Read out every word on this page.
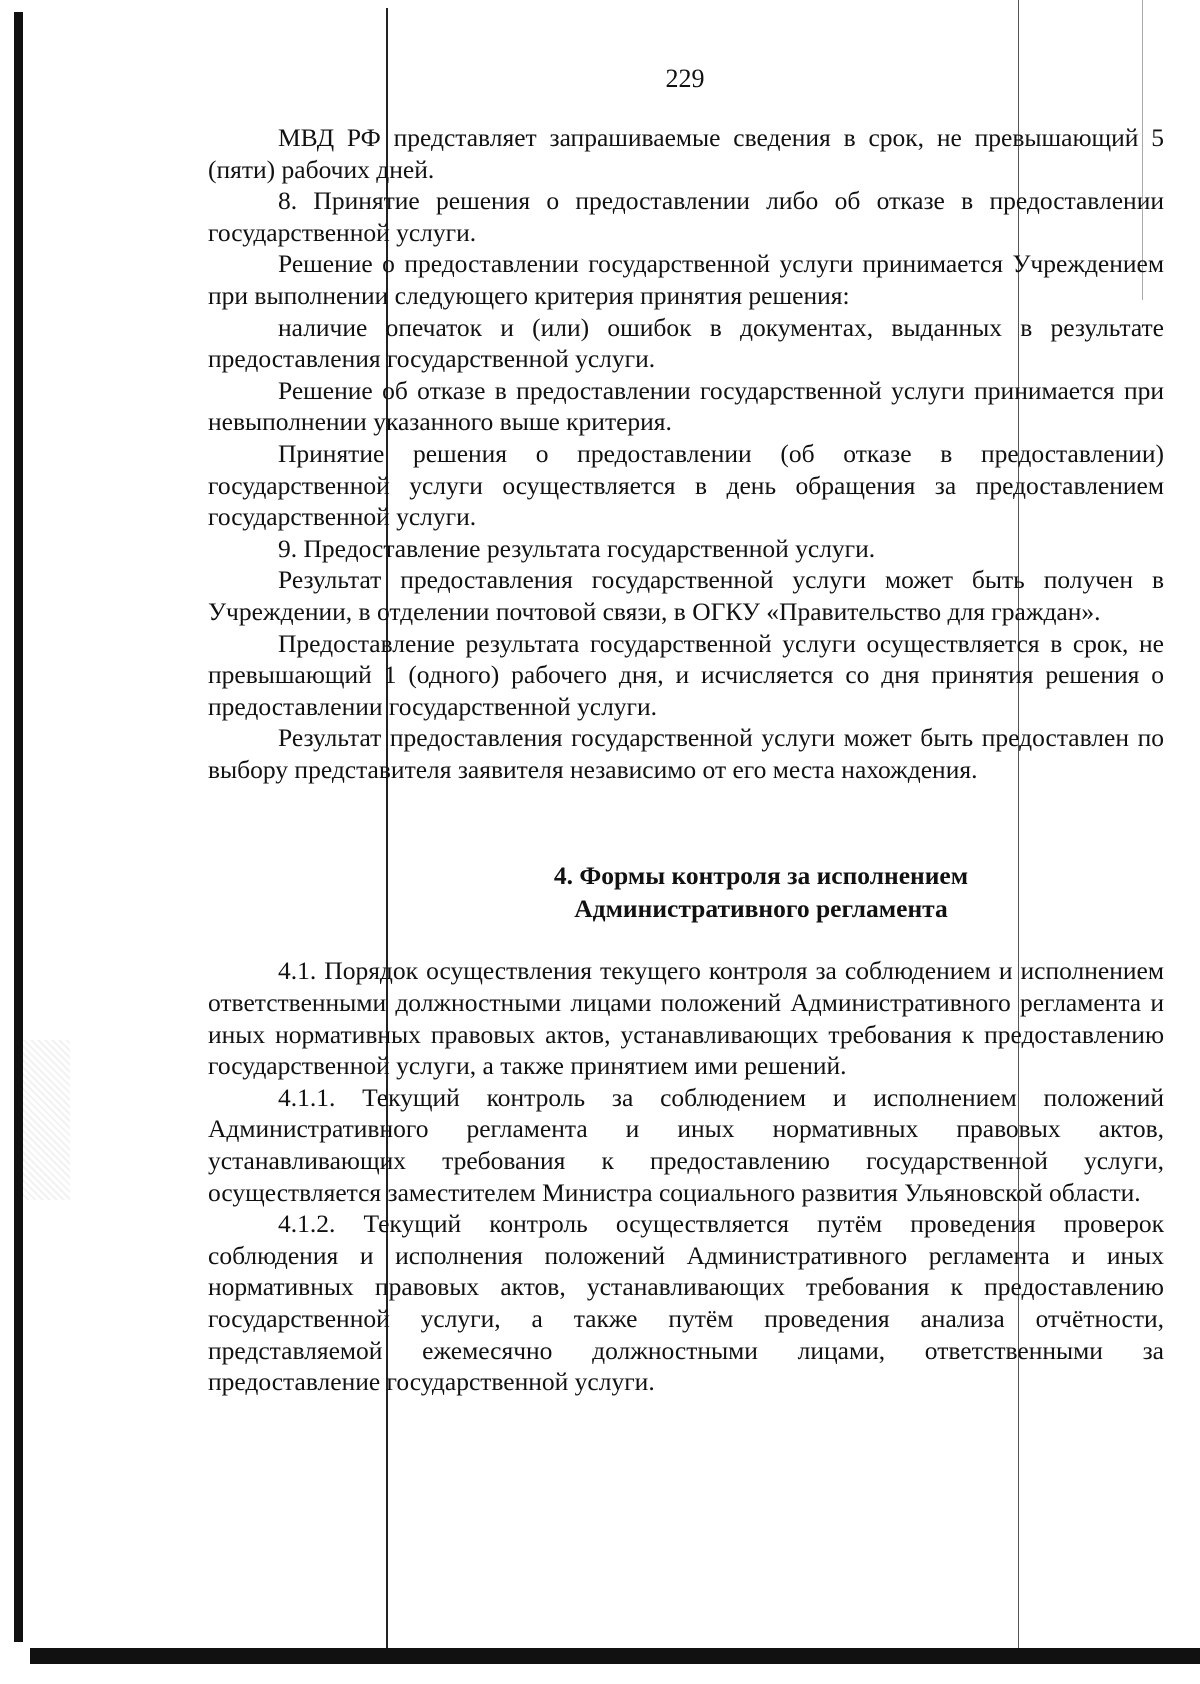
229

МВД РФ представляет запрашиваемые сведения в срок, не превышающий 5 (пяти) рабочих дней.

8. Принятие решения о предоставлении либо об отказе в предоставлении государственной услуги.

Решение о предоставлении государственной услуги принимается Учреждением при выполнении следующего критерия принятия решения:

наличие опечаток и (или) ошибок в документах, выданных в результате предоставления государственной услуги.

Решение об отказе в предоставлении государственной услуги принимается при невыполнении указанного выше критерия.

Принятие решения о предоставлении (об отказе в предоставлении) государственной услуги осуществляется в день обращения за предоставлением государственной услуги.

9. Предоставление результата государственной услуги.

Результат предоставления государственной услуги может быть получен в Учреждении, в отделении почтовой связи, в ОГКУ «Правительство для граждан».

Предоставление результата государственной услуги осуществляется в срок, не превышающий 1 (одного) рабочего дня, и исчисляется со дня принятия решения о предоставлении государственной услуги.

Результат предоставления государственной услуги может быть предоставлен по выбору представителя заявителя независимо от его места нахождения.

4. Формы контроля за исполнением
Административного регламента

4.1. Порядок осуществления текущего контроля за соблюдением и исполнением ответственными должностными лицами положений Административного регламента и иных нормативных правовых актов, устанавливающих требования к предоставлению государственной услуги, а также принятием ими решений.

4.1.1. Текущий контроль за соблюдением и исполнением положений Административного регламента и иных нормативных правовых актов, устанавливающих требования к предоставлению государственной услуги, осуществляется заместителем Министра социального развития Ульяновской области.

4.1.2. Текущий контроль осуществляется путём проведения проверок соблюдения и исполнения положений Административного регламента и иных нормативных правовых актов, устанавливающих требования к предоставлению государственной услуги, а также путём проведения анализа отчётности, представляемой ежемесячно должностными лицами, ответственными за предоставление государственной услуги.
